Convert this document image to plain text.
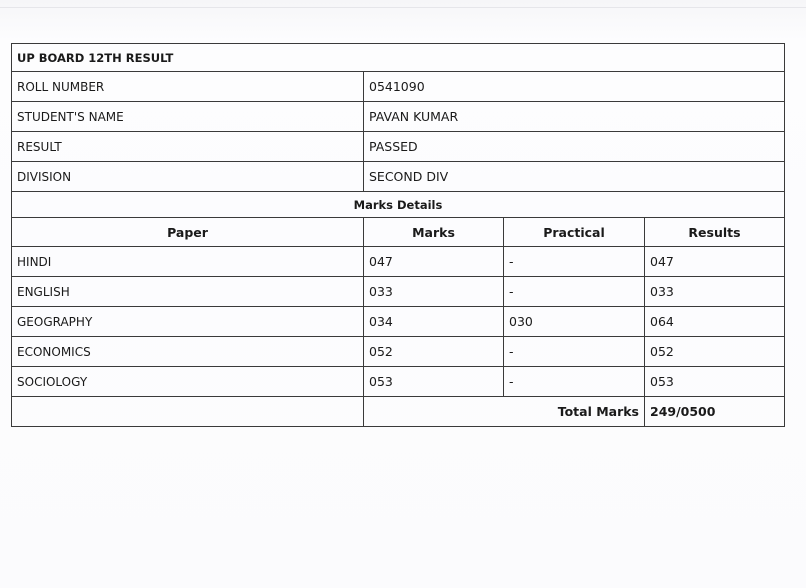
UP BOARD 12TH RESULT			
ROLL NUMBER	0541090		
STUDENT'S NAME	PAVAN KUMAR		
RESULT	PASSED		
DIVISION	SECOND DIV		
Marks Details			
Paper	Marks	Practical	Results
HINDI	047	-	047
ENGLISH	033	-	033
GEOGRAPHY	034	030	064
ECONOMICS	052	-	052
SOCIOLOGY	053	-	053
	Total Marks		249/0500
